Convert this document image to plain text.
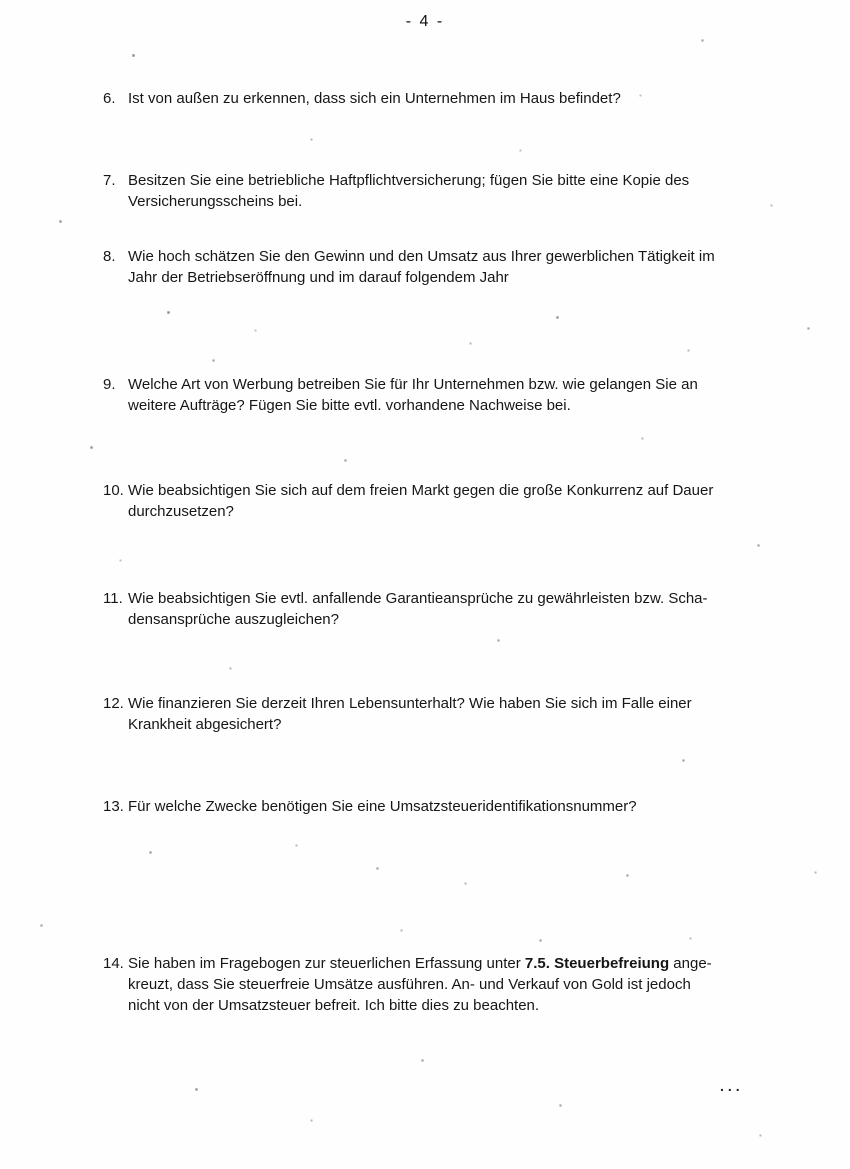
- 4 -
6. Ist von außen zu erkennen, dass sich ein Unternehmen im Haus befindet?
7. Besitzen Sie eine betriebliche Haftpflichtversicherung; fügen Sie bitte eine Kopie des
Versicherungsscheins bei.
8. Wie hoch schätzen Sie den Gewinn und den Umsatz aus Ihrer gewerblichen Tätigkeit im
Jahr der Betriebseröffnung und im darauf folgendem Jahr
9. Welche Art von Werbung betreiben Sie für Ihr Unternehmen bzw. wie gelangen Sie an
weitere Aufträge? Fügen Sie bitte evtl. vorhandene Nachweise bei.
10. Wie beabsichtigen Sie sich auf dem freien Markt gegen die große Konkurrenz auf Dauer
durchzusetzen?
11. Wie beabsichtigen Sie evtl. anfallende Garantieansprüche zu gewährleisten bzw. Scha-
densansprüche auszugleichen?
12. Wie finanzieren Sie derzeit Ihren Lebensunterhalt? Wie haben Sie sich im Falle einer
Krankheit abgesichert?
13. Für welche Zwecke benötigen Sie eine Umsatzsteueridentifikationsnummer?
14. Sie haben im Fragebogen zur steuerlichen Erfassung unter 7.5. Steuerbefreiung ange-
kreuzt, dass Sie steuerfreie Umsätze ausführen. An- und Verkauf von Gold ist jedoch
nicht von der Umsatzsteuer befreit. Ich bitte dies zu beachten.
...
